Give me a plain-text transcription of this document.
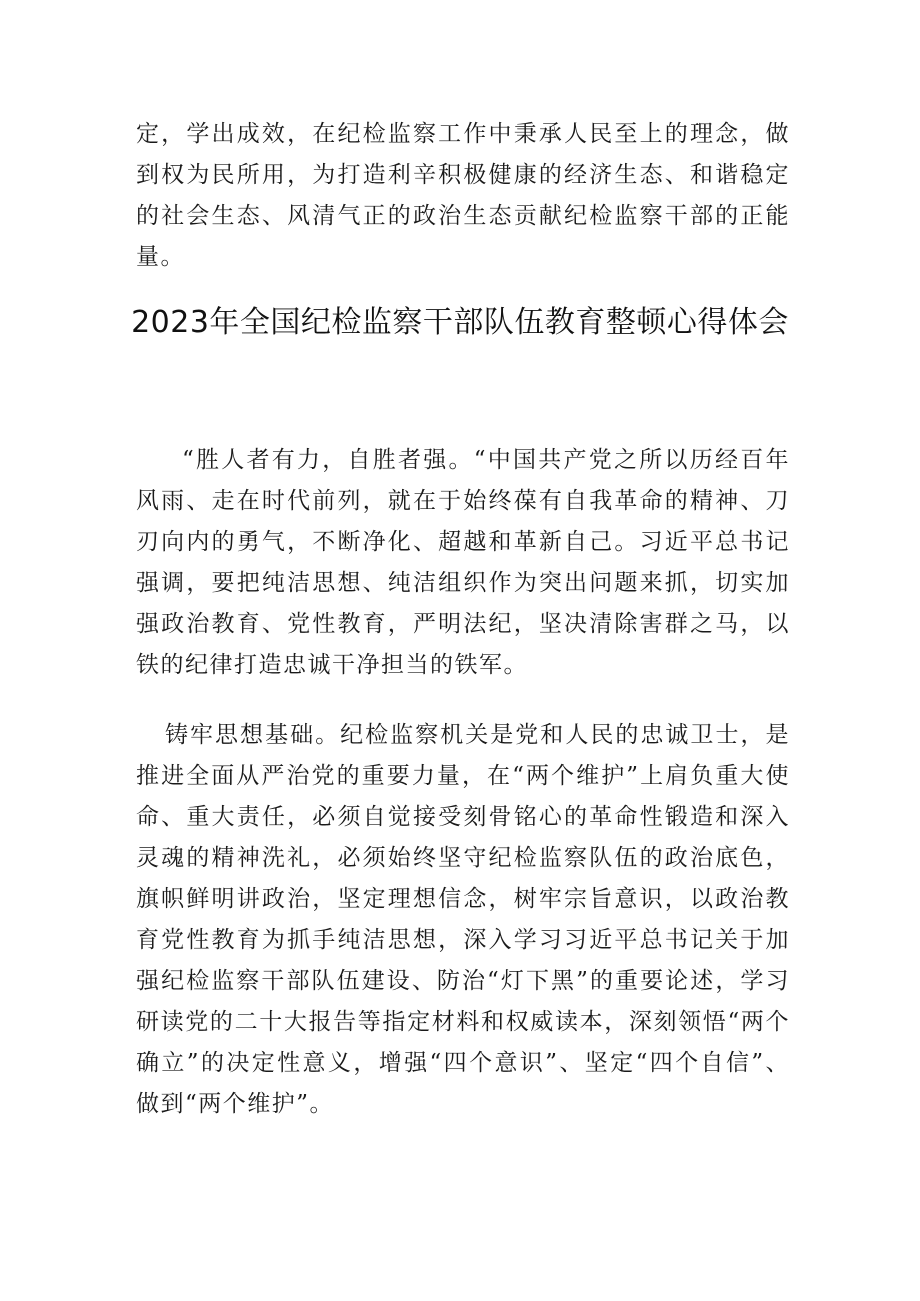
定，学出成效，在纪检监察工作中秉承人民至上的理念，做到权为民所用，为打造利辛积极健康的经济生态、和谐稳定的社会生态、风清气正的政治生态贡献纪检监察干部的正能量。

2023年全国纪检监察干部队伍教育整顿心得体会

“胜人者有力，自胜者强。“中国共产党之所以历经百年风雨、走在时代前列，就在于始终葆有自我革命的精神、刀刃向内的勇气，不断净化、超越和革新自己。习近平总书记强调，要把纯洁思想、纯洁组织作为突出问题来抓，切实加强政治教育、党性教育，严明法纪，坚决清除害群之马，以铁的纪律打造忠诚干净担当的铁军。

铸牢思想基础。纪检监察机关是党和人民的忠诚卫士，是推进全面从严治党的重要力量，在“两个维护”上肩负重大使命、重大责任，必须自觉接受刻骨铭心的革命性锻造和深入灵魂的精神洗礼，必须始终坚守纪检监察队伍的政治底色，旗帜鲜明讲政治，坚定理想信念，树牢宗旨意识，以政治教育党性教育为抓手纯洁思想，深入学习习近平总书记关于加强纪检监察干部队伍建设、防治“灯下黑”的重要论述，学习研读党的二十大报告等指定材料和权威读本，深刻领悟“两个确立”的决定性意义，增强“四个意识”、坚定“四个自信”、做到“两个维护”。
